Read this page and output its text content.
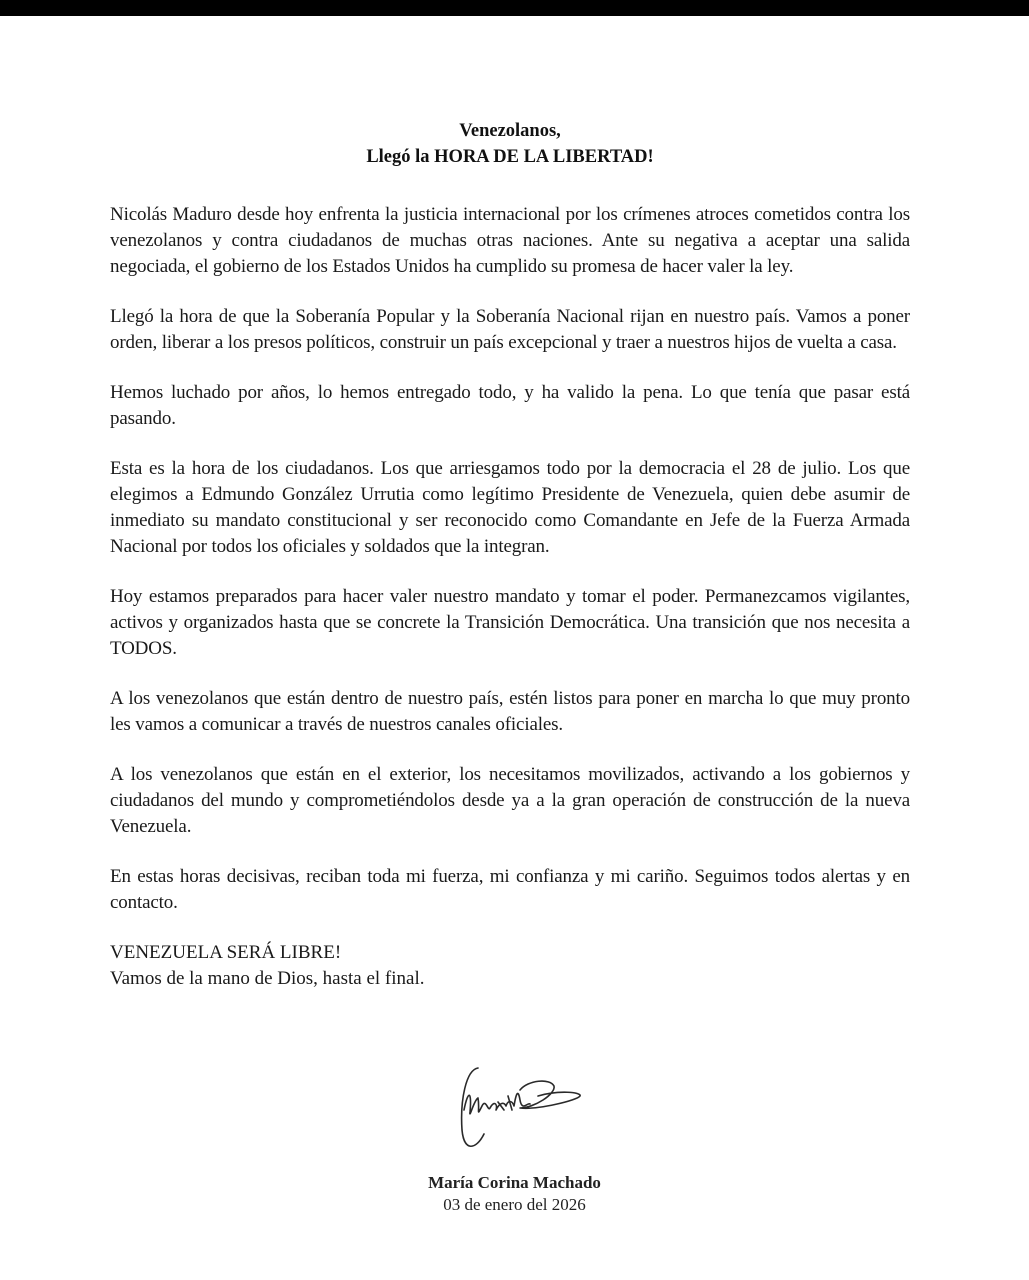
Venezolanos,
Llegó la HORA DE LA LIBERTAD!

Nicolás Maduro desde hoy enfrenta la justicia internacional por los crímenes atroces cometidos contra los venezolanos y contra ciudadanos de muchas otras naciones. Ante su negativa a aceptar una salida negociada, el gobierno de los Estados Unidos ha cumplido su promesa de hacer valer la ley.

Llegó la hora de que la Soberanía Popular y la Soberanía Nacional rijan en nuestro país. Vamos a poner orden, liberar a los presos políticos, construir un país excepcional y traer a nuestros hijos de vuelta a casa.

Hemos luchado por años, lo hemos entregado todo, y ha valido la pena. Lo que tenía que pasar está pasando.

Esta es la hora de los ciudadanos. Los que arriesgamos todo por la democracia el 28 de julio. Los que elegimos a Edmundo González Urrutia como legítimo Presidente de Venezuela, quien debe asumir de inmediato su mandato constitucional y ser reconocido como Comandante en Jefe de la Fuerza Armada Nacional por todos los oficiales y soldados que la integran.

Hoy estamos preparados para hacer valer nuestro mandato y tomar el poder. Permanezcamos vigilantes, activos y organizados hasta que se concrete la Transición Democrática. Una transición que nos necesita a TODOS.

A los venezolanos que están dentro de nuestro país, estén listos para poner en marcha lo que muy pronto les vamos a comunicar a través de nuestros canales oficiales.

A los venezolanos que están en el exterior, los necesitamos movilizados, activando a los gobiernos y ciudadanos del mundo y comprometiéndolos desde ya a la gran operación de construcción de la nueva Venezuela.

En estas horas decisivas, reciban toda mi fuerza, mi confianza y mi cariño. Seguimos todos alertas y en contacto.

VENEZUELA SERÁ LIBRE!
Vamos de la mano de Dios, hasta el final.
María Corina Machado
03 de enero del 2026
